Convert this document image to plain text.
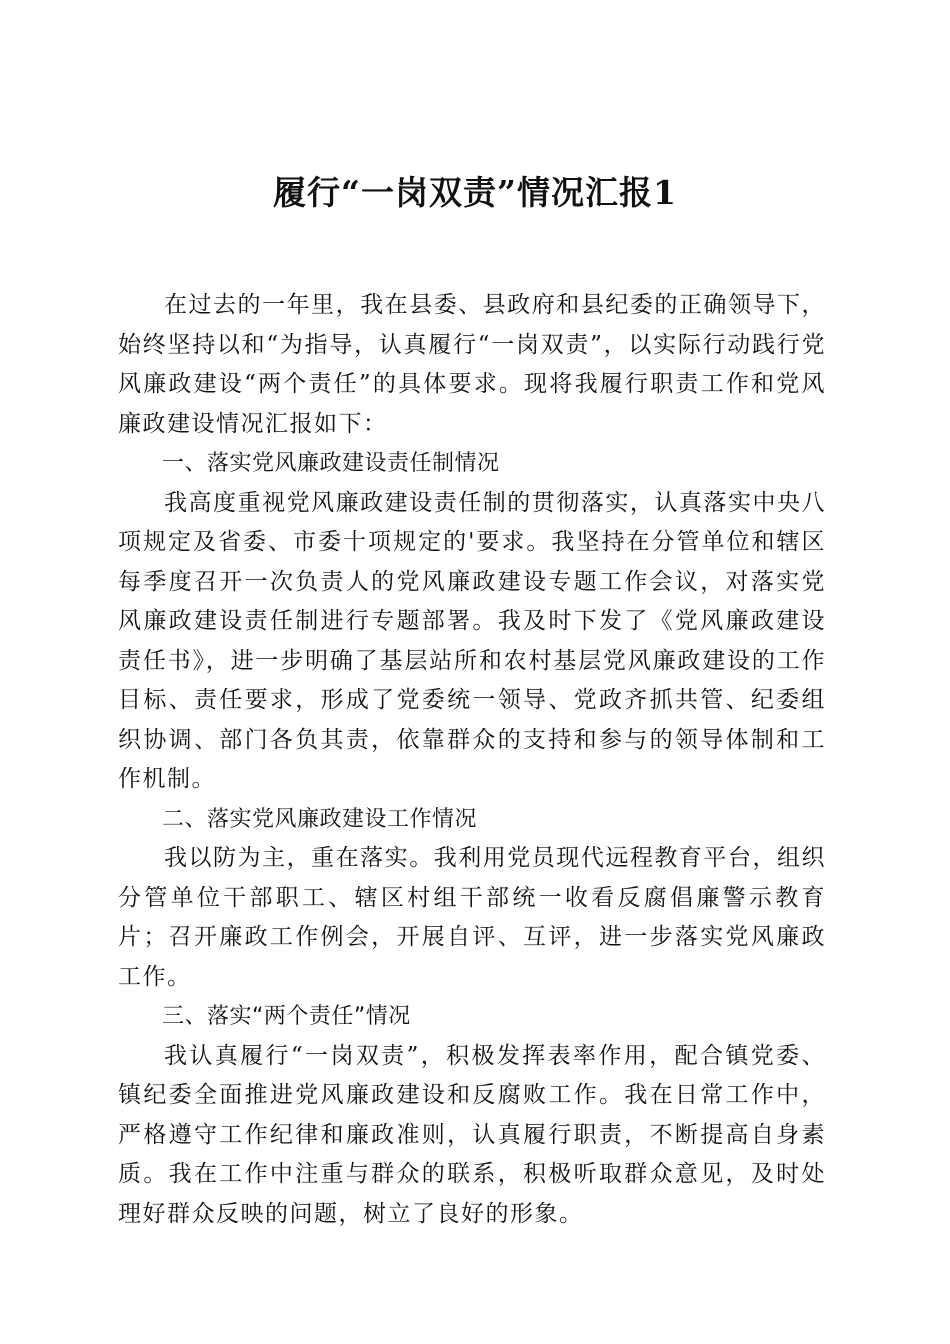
履行“一岗双责”情况汇报1

在过去的一年里，我在县委、县政府和县纪委的正确领导下，始终坚持以和“为指导，认真履行“一岗双责”，以实际行动践行党风廉政建设“两个责任”的具体要求。现将我履行职责工作和党风廉政建设情况汇报如下：

一、落实党风廉政建设责任制情况

我高度重视党风廉政建设责任制的贯彻落实，认真落实中央八项规定及省委、市委十项规定的'要求。我坚持在分管单位和辖区每季度召开一次负责人的党风廉政建设专题工作会议，对落实党风廉政建设责任制进行专题部署。我及时下发了《党风廉政建设责任书》，进一步明确了基层站所和农村基层党风廉政建设的工作目标、责任要求，形成了党委统一领导、党政齐抓共管、纪委组织协调、部门各负其责，依靠群众的支持和参与的领导体制和工作机制。

二、落实党风廉政建设工作情况

我以防为主，重在落实。我利用党员现代远程教育平台，组织分管单位干部职工、辖区村组干部统一收看反腐倡廉警示教育片；召开廉政工作例会，开展自评、互评，进一步落实党风廉政工作。

三、落实“两个责任”情况

我认真履行“一岗双责”，积极发挥表率作用，配合镇党委、镇纪委全面推进党风廉政建设和反腐败工作。我在日常工作中，严格遵守工作纪律和廉政准则，认真履行职责，不断提高自身素质。我在工作中注重与群众的联系，积极听取群众意见，及时处理好群众反映的问题，树立了良好的形象。
